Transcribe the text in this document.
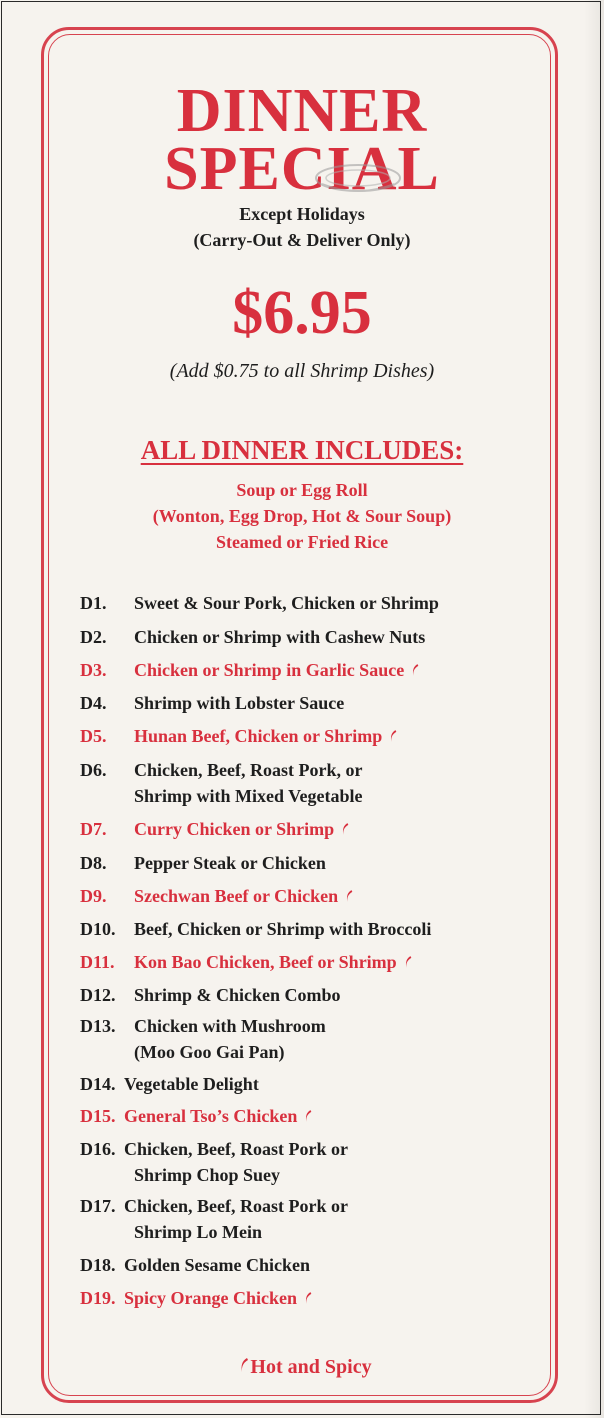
DINNER
SPECIAL
Except Holidays
(Carry-Out & Deliver Only)
$6.95
(Add $0.75 to all Shrimp Dishes)
ALL DINNER INCLUDES:
Soup or Egg Roll
(Wonton, Egg Drop, Hot & Sour Soup)
Steamed or Fried Rice
D1. Sweet & Sour Pork, Chicken or Shrimp
D2. Chicken or Shrimp with Cashew Nuts
D3. Chicken or Shrimp in Garlic Sauce
D4. Shrimp with Lobster Sauce
D5. Hunan Beef, Chicken or Shrimp
D6. Chicken, Beef, Roast Pork, or
Shrimp with Mixed Vegetable
D7. Curry Chicken or Shrimp
D8. Pepper Steak or Chicken
D9. Szechwan Beef or Chicken
D10. Beef, Chicken or Shrimp with Broccoli
D11. Kon Bao Chicken, Beef or Shrimp
D12. Shrimp & Chicken Combo
D13. Chicken with Mushroom
(Moo Goo Gai Pan)
D14. Vegetable Delight
D15. General Tso’s Chicken
D16. Chicken, Beef, Roast Pork or
Shrimp Chop Suey
D17. Chicken, Beef, Roast Pork or
Shrimp Lo Mein
D18. Golden Sesame Chicken
D19. Spicy Orange Chicken
Hot and Spicy
